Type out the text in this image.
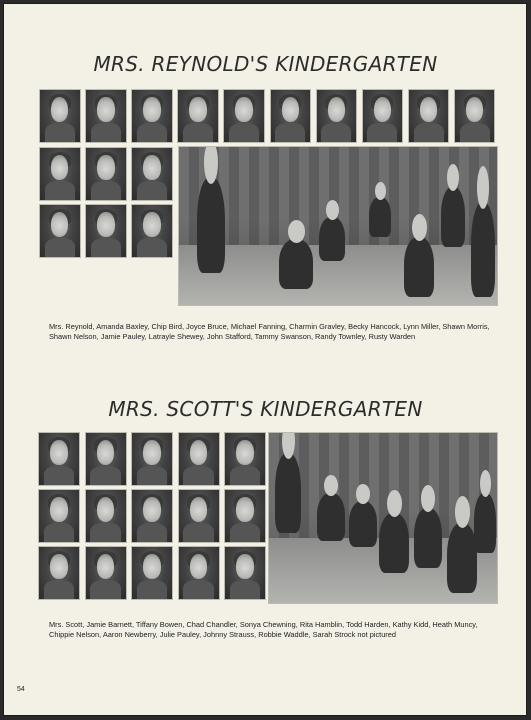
MRS. REYNOLD'S KINDERGARTEN

Mrs. Reynold, Amanda Baxley, Chip Bird, Joyce Bruce, Michael Fanning, Charmin Gravley, Becky Hancock, Lynn Miller, Shawn Morris, Shawn Nelson, Jamie Pauley, Latrayle Shewey, John Stafford, Tammy Swanson, Randy Townley, Rusty Warden

MRS. SCOTT'S KINDERGARTEN

Mrs. Scott, Jamie Barnett, Tiffany Bowen, Chad Chandler, Sonya Chewning, Rita Hamblin, Todd Harden, Kathy Kidd, Heath Muncy, Chippie Nelson, Aaron Newberry, Julie Pauley, Johnny Strauss, Robbie Waddle, Sarah Strock not pictured

54
